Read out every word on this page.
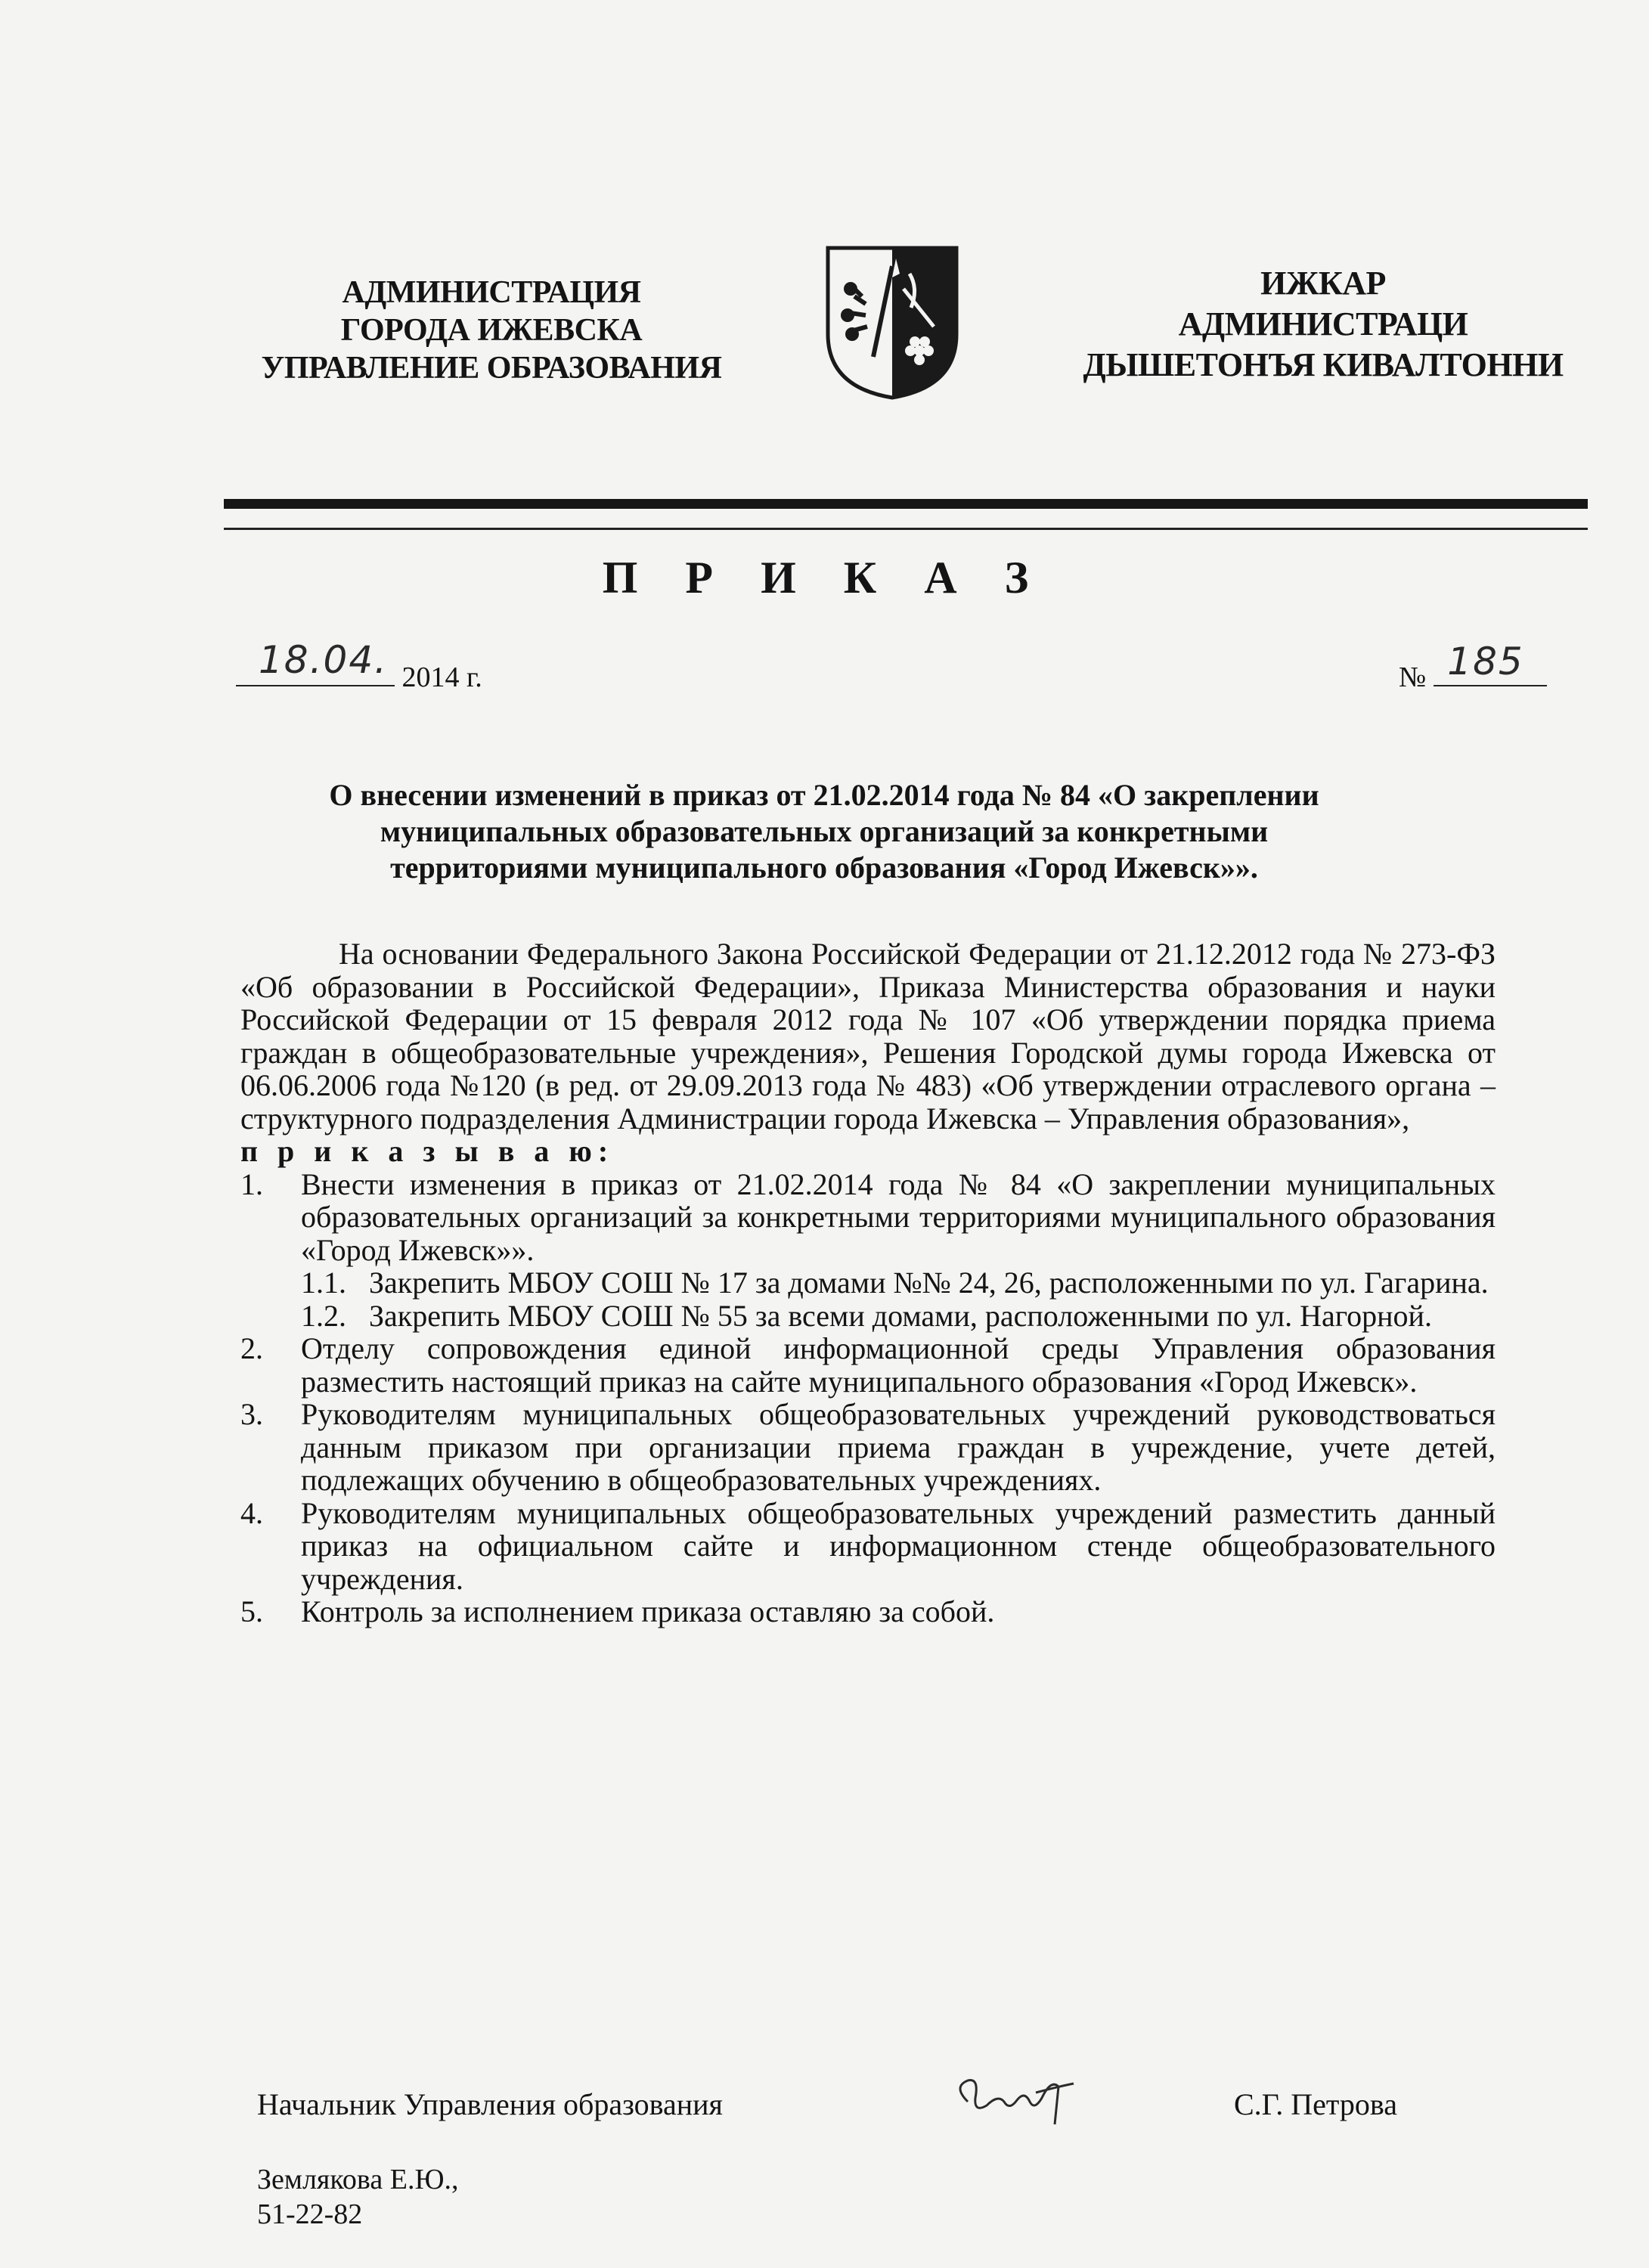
АДМИНИСТРАЦИЯ
ГОРОДА ИЖЕВСКА
УПРАВЛЕНИЕ ОБРАЗОВАНИЯ
ИЖКАР
АДМИНИСТРАЦИ
ДЫШЕТОНЪЯ КИВАЛТОННИ
П Р И К А З
18.04. 2014 г.	№ 185
О внесении изменений в приказ от 21.02.2014 года № 84 «О закреплении
муниципальных образовательных организаций за конкретными
территориями муниципального образования «Город Ижевск»».

На основании Федерального Закона Российской Федерации от 21.12.2012 года № 273-ФЗ «Об образовании в Российской Федерации», Приказа Министерства образования и науки Российской Федерации от 15 февраля 2012 года № 107 «Об утверждении порядка приема граждан в общеобразовательные учреждения», Решения Городской думы города Ижевска от 06.06.2006 года №120 (в ред. от 29.09.2013 года № 483) «Об утверждении отраслевого органа – структурного подразделения Администрации города Ижевска – Управления образования»,

п р и к а з ы в а ю:

1.	Внести изменения в приказ от 21.02.2014 года № 84 «О закреплении муниципальных образовательных организаций за конкретными территориями муниципального образования «Город Ижевск»».
1.1. Закрепить МБОУ СОШ № 17 за домами №№ 24, 26, расположенными по ул. Гагарина.
1.2. Закрепить МБОУ СОШ № 55 за всеми домами, расположенными по ул. Нагорной.
2.	Отделу сопровождения единой информационной среды Управления образования разместить настоящий приказ на сайте муниципального образования «Город Ижевск».
3.	Руководителям муниципальных общеобразовательных учреждений руководствоваться данным приказом при организации приема граждан в учреждение, учете детей, подлежащих обучению в общеобразовательных учреждениях.
4.	Руководителям муниципальных общеобразовательных учреждений разместить данный приказ на официальном сайте и информационном стенде общеобразовательного учреждения.
5.	Контроль за исполнением приказа оставляю за собой.
Начальник Управления образования	С.Г. Петрова
Землякова Е.Ю.,
51-22-82
